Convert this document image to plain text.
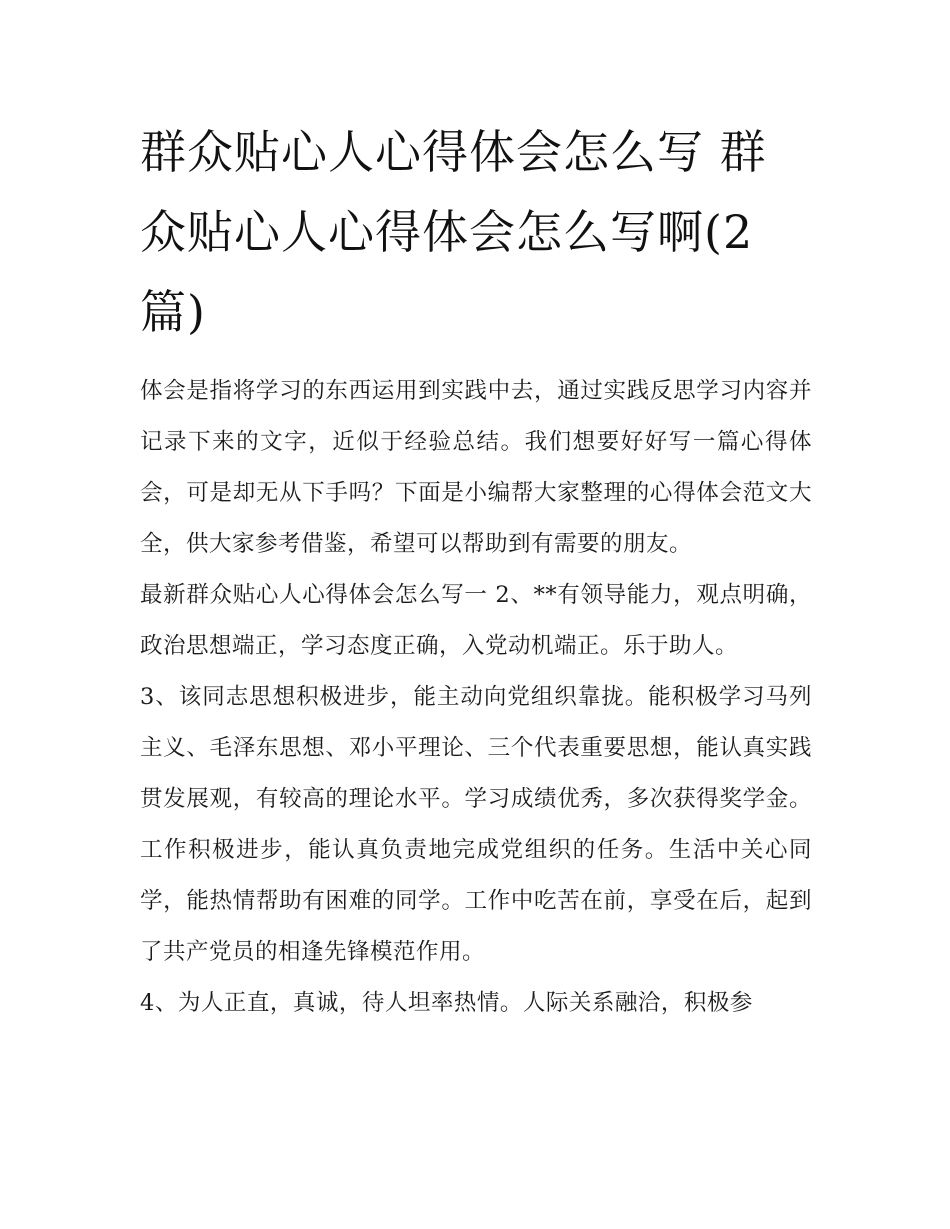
群众贴心人心得体会怎么写 群众贴心人心得体会怎么写啊(2篇)

体会是指将学习的东西运用到实践中去，通过实践反思学习内容并记录下来的文字，近似于经验总结。我们想要好好写一篇心得体会，可是却无从下手吗？下面是小编帮大家整理的心得体会范文大全，供大家参考借鉴，希望可以帮助到有需要的朋友。

最新群众贴心人心得体会怎么写一 2、**有领导能力，观点明确，政治思想端正，学习态度正确，入党动机端正。乐于助人。

3、该同志思想积极进步，能主动向党组织靠拢。能积极学习马列主义、毛泽东思想、邓小平理论、三个代表重要思想，能认真实践贯发展观，有较高的理论水平。学习成绩优秀，多次获得奖学金。工作积极进步，能认真负责地完成党组织的任务。生活中关心同学，能热情帮助有困难的同学。工作中吃苦在前，享受在后，起到了共产党员的相逢先锋模范作用。

4、为人正直，真诚，待人坦率热情。人际关系融洽，积极参
